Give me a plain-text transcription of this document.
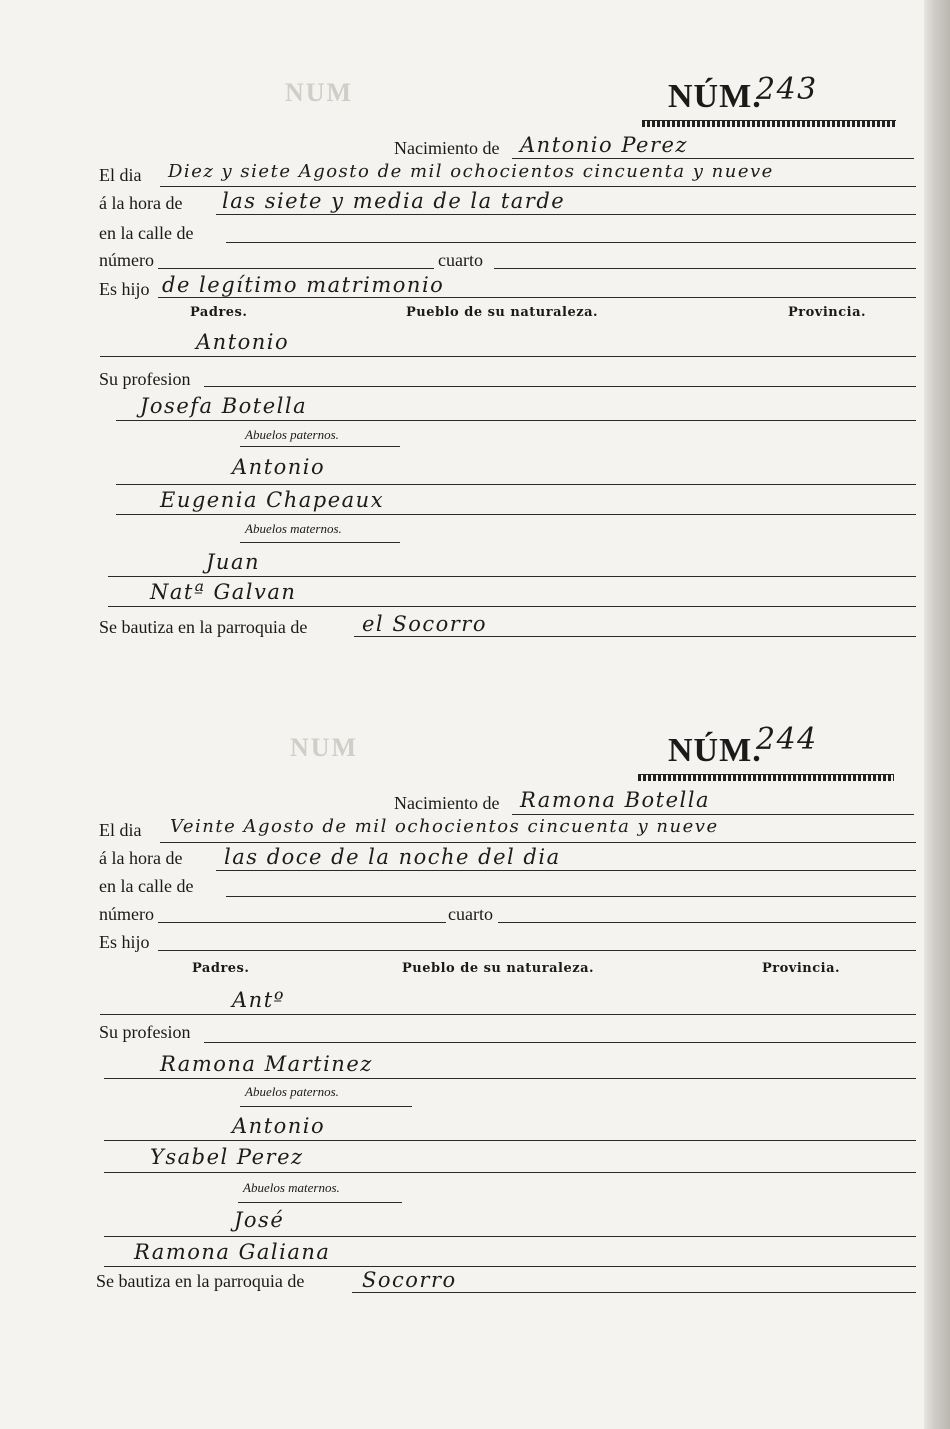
NUM
NUM
NÚM.
243
Nacimiento de Antonio Perez
El dia Diez y siete Agosto de mil ochocientos cincuenta y nueve
á la hora de las siete y media de la tarde
en la calle de
número	cuarto
Es hijo de legítimo matrimonio
Padres.	Pueblo de su naturaleza.	Provincia.
Antonio
Su profesion
Josefa Botella
Abuelos paternos.
Antonio
Eugenia Chapeaux
Abuelos maternos.
Juan
Natª Galvan
Se bautiza en la parroquia de	el Socorro
NÚM.
244
Nacimiento de Ramona Botella
El dia Veinte Agosto de mil ochocientos cincuenta y nueve
á la hora de las doce de la noche del dia
en la calle de
número	cuarto
Es hijo
Padres.	Pueblo de su naturaleza.	Provincia.
Antº
Su profesion
Ramona Martinez
Abuelos paternos.
Antonio
Ysabel Perez
Abuelos maternos.
José
Ramona Galiana
Se bautiza en la parroquia de	Socorro
